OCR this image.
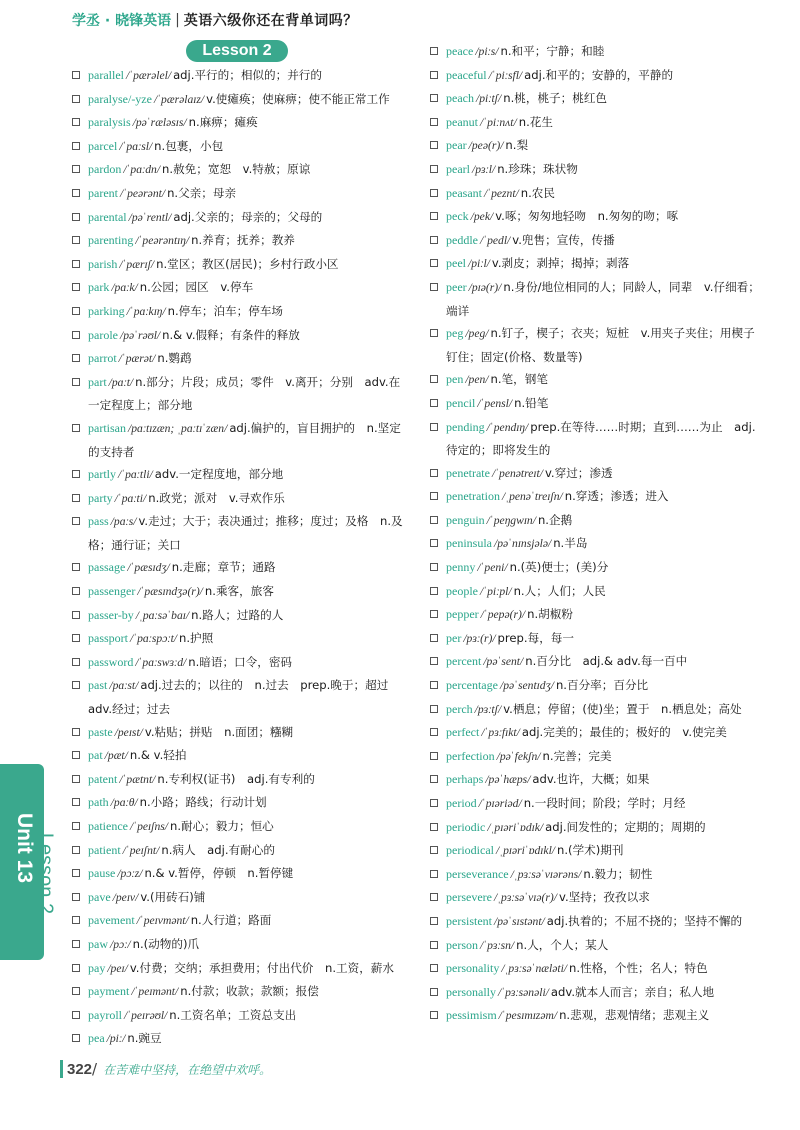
学丞 · 晓锋英语 | 英语六级你还在背单词吗？
Lesson 2
parallel /ˈpærəlel/ adj.平行的；相似的；并行的
paralyse/-yze /ˈpærəlaɪz/ v.使瘫痪；使麻痹；使不能正常工作
paralysis /pəˈræləsɪs/ n.麻痹；瘫痪
parcel /ˈpɑːsl/ n.包裹，小包
pardon /ˈpɑːdn/ n.赦免；宽恕　v.特赦；原谅
parent /ˈpeərənt/ n.父亲；母亲
parental /pəˈrentl/ adj.父亲的；母亲的；父母的
parenting /ˈpeərəntɪŋ/ n.养育；抚养；教养
parish /ˈpærɪʃ/ n.堂区；教区(居民)；乡村行政小区
park /pɑːk/ n.公园；园区　v.停车
parking /ˈpɑːkɪŋ/ n.停车；泊车；停车场
parole /pəˈrəʊl/ n.& v.假释；有条件的释放
parrot /ˈpærət/ n.鹦鹉
part /pɑːt/ n.部分；片段；成员；零件　v.离开；分别　adv.在一定程度上；部分地
partisan /pɑːtɪzæn; ˌpɑːtɪˈzæn/ adj.偏护的，盲目拥护的　n.坚定的支持者
partly /ˈpɑːtli/ adv.一定程度地，部分地
party /ˈpɑːti/ n.政党；派对　v.寻欢作乐
pass /pɑːs/ v.走过；大于；表决通过；推移；度过；及格　n.及格；通行证；关口
passage /ˈpæsɪdʒ/ n.走廊；章节；通路
passenger /ˈpæsɪndʒə(r)/ n.乘客，旅客
passer-by /ˌpɑːsəˈbaɪ/ n.路人；过路的人
passport /ˈpɑːspɔːt/ n.护照
password /ˈpɑːswɜːd/ n.暗语；口令，密码
past /pɑːst/ adj.过去的；以往的　n.过去　prep.晚于；超过　adv.经过；过去
paste /peɪst/ v.粘贴；拼贴　n.面团；糨糊
pat /pæt/ n.& v.轻拍
patent /ˈpætnt/ n.专利权(证书)　adj.有专利的
path /pɑːθ/ n.小路；路线；行动计划
patience /ˈpeɪʃns/ n.耐心；毅力；恒心
patient /ˈpeɪʃnt/ n.病人　adj.有耐心的
pause /pɔːz/ n.& v.暂停，停顿　n.暂停键
pave /peɪv/ v.(用砖石)铺
pavement /ˈpeɪvmənt/ n.人行道；路面
paw /pɔː/ n.(动物的)爪
pay /peɪ/ v.付费；交纳；承担费用；付出代价　n.工资，薪水
payment /ˈpeɪmənt/ n.付款；收款；款额；报偿
payroll /ˈpeɪrəʊl/ n.工资名单；工资总支出
pea /piː/ n.豌豆
peace /piːs/ n.和平；宁静；和睦
peaceful /ˈpiːsfl/ adj.和平的；安静的，平静的
peach /piːtʃ/ n.桃，桃子；桃红色
peanut /ˈpiːnʌt/ n.花生
pear /peə(r)/ n.梨
pearl /pɜːl/ n.珍珠；珠状物
peasant /ˈpeznt/ n.农民
peck /pek/ v.啄；匆匆地轻吻　n.匆匆的吻；啄
peddle /ˈpedl/ v.兜售；宣传，传播
peel /piːl/ v.剥皮；剥掉；揭掉；剥落
peer /pɪə(r)/ n.身份/地位相同的人；同龄人，同辈　v.仔细看；端详
peg /peg/ n.钉子，楔子；衣夹；短桩　v.用夹子夹住；用楔子钉住；固定(价格、数量等)
pen /pen/ n.笔，钢笔
pencil /ˈpensl/ n.铅笔
pending /ˈpendɪŋ/ prep.在等待……时期；直到……为止　adj.待定的；即将发生的
penetrate /ˈpenətreɪt/ v.穿过；渗透
penetration /ˌpenəˈtreɪʃn/ n.穿透；渗透；进入
penguin /ˈpeŋgwɪn/ n.企鹅
peninsula /pəˈnɪnsjələ/ n.半岛
penny /ˈpeni/ n.(英)便士；(美)分
people /ˈpiːpl/ n.人；人们；人民
pepper /ˈpepə(r)/ n.胡椒粉
per /pɜː(r)/ prep.每，每一
percent /pəˈsent/ n.百分比　adj.& adv.每一百中
percentage /pəˈsentɪdʒ/ n.百分率；百分比
perch /pɜːtʃ/ v.栖息；停留；(使)坐；置于　n.栖息处；高处
perfect /ˈpɜːfɪkt/ adj.完美的；最佳的；极好的　v.使完美
perfection /pəˈfekʃn/ n.完善；完美
perhaps /pəˈhæps/ adv.也许，大概；如果
period /ˈpɪəriəd/ n.一段时间；阶段；学时；月经
periodic /ˌpɪəriˈɒdɪk/ adj.间发性的；定期的；周期的
periodical /ˌpɪəriˈɒdɪkl/ n.(学术)期刊
perseverance /ˌpɜːsəˈvɪərəns/ n.毅力；韧性
persevere /ˌpɜːsəˈvɪə(r)/ v.坚持；孜孜以求
persistent /pəˈsɪstənt/ adj.执着的；不屈不挠的；坚持不懈的
person /ˈpɜːsn/ n.人，个人；某人
personality /ˌpɜːsəˈnæləti/ n.性格，个性；名人；特色
personally /ˈpɜːsənəli/ adv.就本人而言；亲自；私人地
pessimism /ˈpesɪmɪzəm/ n.悲观，悲观情绪；悲观主义
Unit 13
Lesson 2
322 / 在苦难中坚持，在绝望中欢呼。
